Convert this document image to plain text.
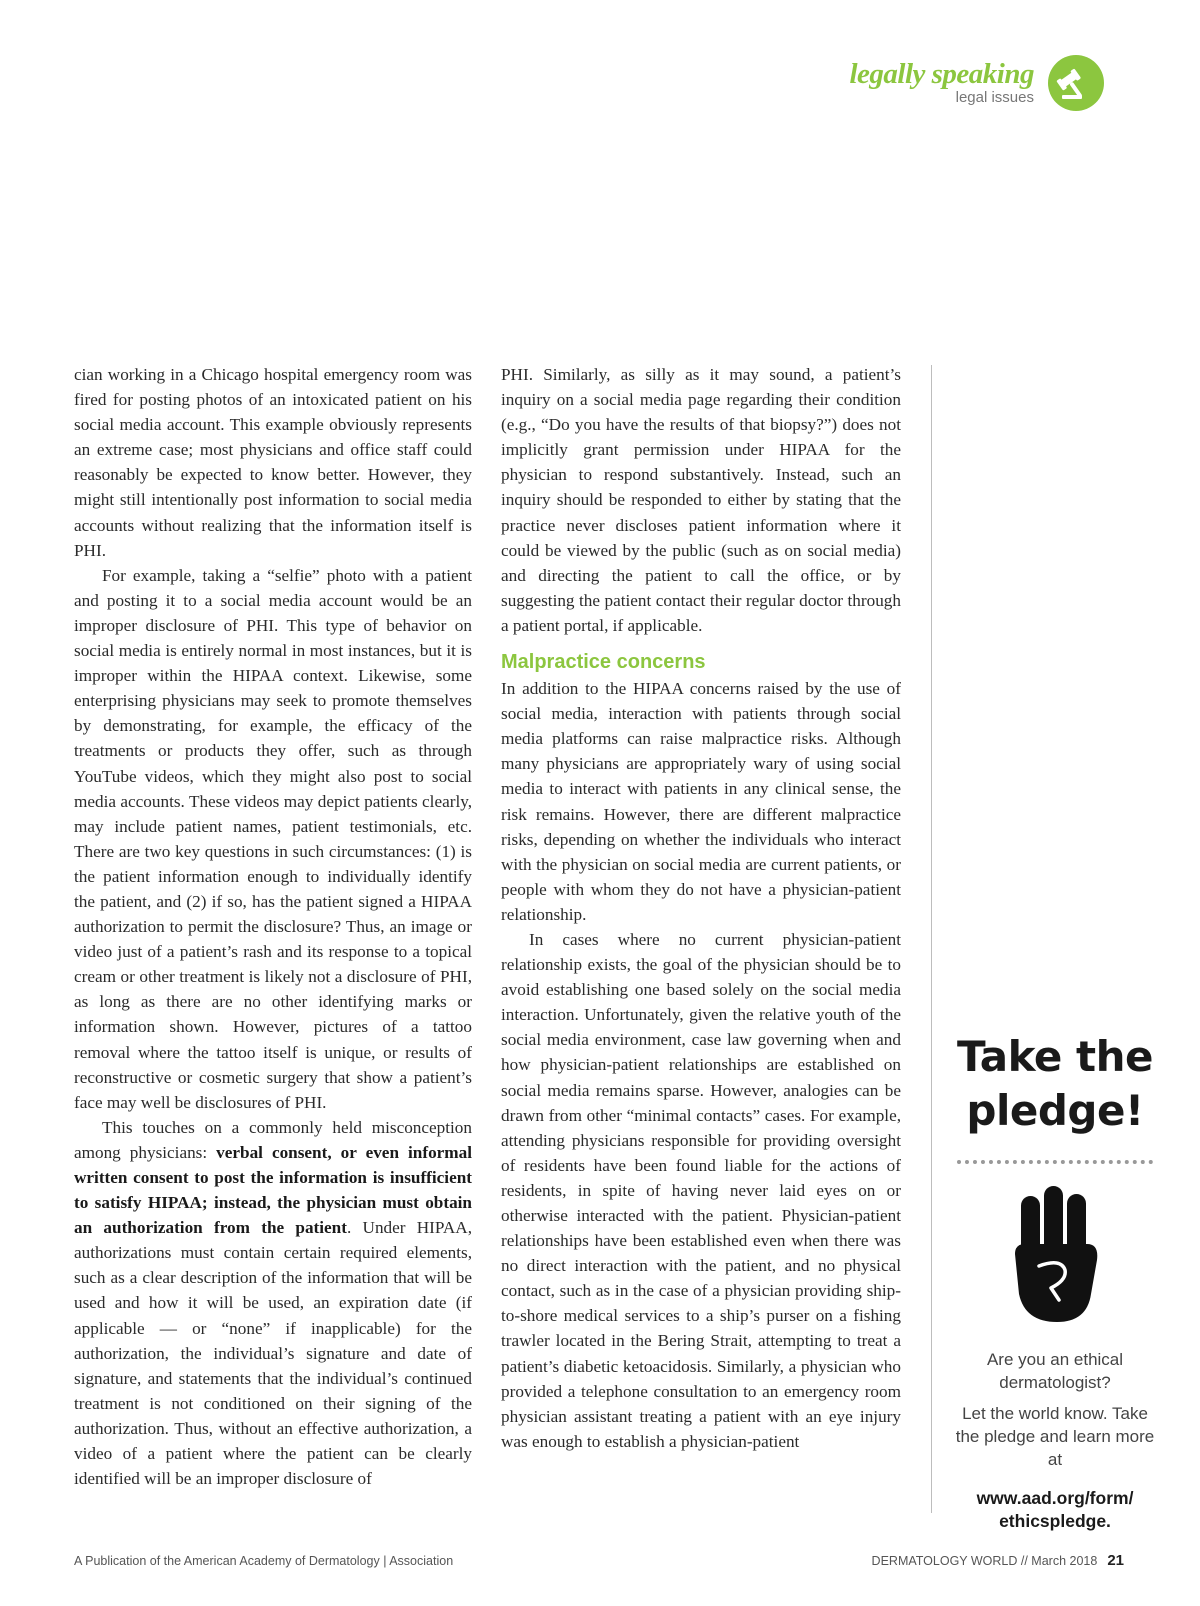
legally speaking
legal issues

cian working in a Chicago hospital emergency room was fired for posting photos of an intoxicated patient on his social media account. This example obviously represents an extreme case; most physicians and office staff could reasonably be expected to know better. However, they might still intentionally post information to social media accounts without realizing that the information itself is PHI.

For example, taking a “selfie” photo with a patient and posting it to a social media account would be an improper disclosure of PHI. This type of behavior on social media is entirely normal in most instances, but it is improper within the HIPAA context. Likewise, some enterprising physicians may seek to promote themselves by demonstrating, for example, the efficacy of the treatments or products they offer, such as through YouTube videos, which they might also post to social media accounts. These videos may depict patients clearly, may include patient names, patient testimonials, etc. There are two key questions in such circumstances: (1) is the patient information enough to individually identify the patient, and (2) if so, has the patient signed a HIPAA authorization to permit the disclosure? Thus, an image or video just of a patient’s rash and its response to a topical cream or other treatment is likely not a disclosure of PHI, as long as there are no other identifying marks or information shown. However, pictures of a tattoo removal where the tattoo itself is unique, or results of reconstructive or cosmetic surgery that show a patient’s face may well be disclosures of PHI.

This touches on a commonly held misconception among physicians: verbal consent, or even informal written consent to post the information is insufficient to satisfy HIPAA; instead, the physician must obtain an authorization from the patient. Under HIPAA, authorizations must contain certain required elements, such as a clear description of the information that will be used and how it will be used, an expiration date (if applicable — or “none” if inapplicable) for the authorization, the individual’s signature and date of signature, and statements that the individual’s continued treatment is not conditioned on their signing of the authorization. Thus, without an effective authorization, a video of a patient where the patient can be clearly identified will be an improper disclosure of

PHI. Similarly, as silly as it may sound, a patient’s inquiry on a social media page regarding their condition (e.g., “Do you have the results of that biopsy?”) does not implicitly grant permission under HIPAA for the physician to respond substantively. Instead, such an inquiry should be responded to either by stating that the practice never discloses patient information where it could be viewed by the public (such as on social media) and directing the patient to call the office, or by suggesting the patient contact their regular doctor through a patient portal, if applicable.

Malpractice concerns

In addition to the HIPAA concerns raised by the use of social media, interaction with patients through social media platforms can raise malpractice risks. Although many physicians are appropriately wary of using social media to interact with patients in any clinical sense, the risk remains. However, there are different malpractice risks, depending on whether the individuals who interact with the physician on social media are current patients, or people with whom they do not have a physician-patient relationship.

In cases where no current physician-patient relationship exists, the goal of the physician should be to avoid establishing one based solely on the social media interaction. Unfortunately, given the relative youth of the social media environment, case law governing when and how physician-patient relationships are established on social media remains sparse. However, analogies can be drawn from other “minimal contacts” cases. For example, attending physicians responsible for providing oversight of residents have been found liable for the actions of residents, in spite of having never laid eyes on or otherwise interacted with the patient. Physician-patient relationships have been established even when there was no direct interaction with the patient, and no physical contact, such as in the case of a physician providing ship-to-shore medical services to a ship’s purser on a fishing trawler located in the Bering Strait, attempting to treat a patient’s diabetic ketoacidosis. Similarly, a physician who provided a telephone consultation to an emergency room physician assistant treating a patient with an eye injury was enough to establish a physician-patient

Take the pledge!

Are you an ethical dermatologist?

Let the world know. Take the pledge and learn more at

www.aad.org/form/ ethicspledge.
A Publication of the American Academy of Dermatology | Association	DERMATOLOGY WORLD // March 2018 21
